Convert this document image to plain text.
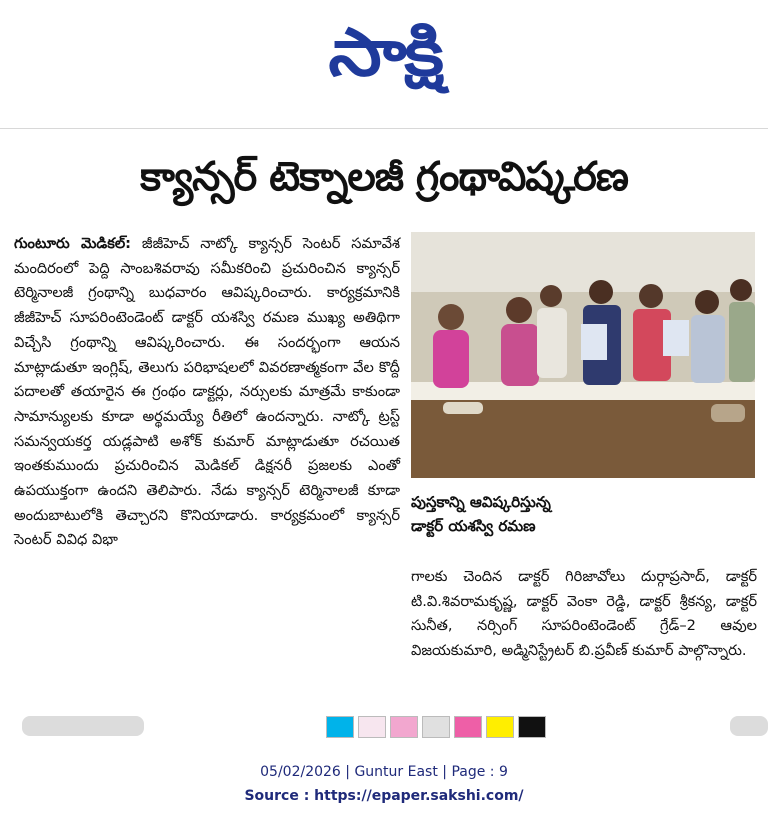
సాక్షి
క్యాన్సర్ టెక్నాలజీ గ్రంథావిష్కరణ

గుంటూరు మెడికల్: జీజీహెచ్ నాట్కో క్యాన్సర్ సెంటర్ సమావేశ మందిరంలో పెద్ది సాంబశివరావు సమీకరించి ప్రచురించిన క్యాన్సర్ టెర్మినాలజీ గ్రంథాన్ని బుధవారం ఆవిష్కరించారు. కార్యక్రమానికి జీజీహెచ్ సూపరింటెండెంట్ డాక్టర్ యశస్వి రమణ ముఖ్య అతిథిగా విచ్చేసి గ్రంథాన్ని ఆవిష్కరించారు. ఈ సందర్భంగా ఆయన మాట్లాడుతూ ఇంగ్లిష్, తెలుగు పరిభాషలలో వివరణాత్మకంగా వేల కొద్దీ పదాలతో తయారైన ఈ గ్రంథం డాక్టర్లు, నర్సులకు మాత్రమే కాకుండా సామాన్యులకు కూడా అర్థమయ్యే రీతిలో ఉందన్నారు. నాట్కో ట్రస్ట్ సమన్వయకర్త యడ్లపాటి అశోక్ కుమార్ మాట్లాడుతూ రచయిత ఇంతకుముందు ప్రచురించిన మెడికల్ డిక్షనరీ ప్రజలకు ఎంతో ఉపయుక్తంగా ఉందని తెలిపారు. నేడు క్యాన్సర్ టెర్మినాలజీ కూడా అందుబాటులోకి తెచ్చారని కొనియాడారు. కార్యక్రమంలో క్యాన్సర్ సెంటర్ వివిధ విభా

పుస్తకాన్ని ఆవిష్కరిస్తున్న
డాక్టర్ యశస్వి రమణ

గాలకు చెందిన డాక్టర్ గిరిజావోలు దుర్గాప్రసాద్, డాక్టర్ టి.వి.శివరామకృష్ణ, డాక్టర్ వెంకా రెడ్డి, డాక్టర్ శ్రీకన్య, డాక్టర్ సునీత, నర్సింగ్ సూపరింటెండెంట్ గ్రేడ్–2 ఆవుల విజయకుమారి, అడ్మినిస్ట్రేటర్ బి.ప్రవీణ్ కుమార్ పాల్గొన్నారు.

05/02/2026 | Guntur East | Page : 9
Source : https://epaper.sakshi.com/
